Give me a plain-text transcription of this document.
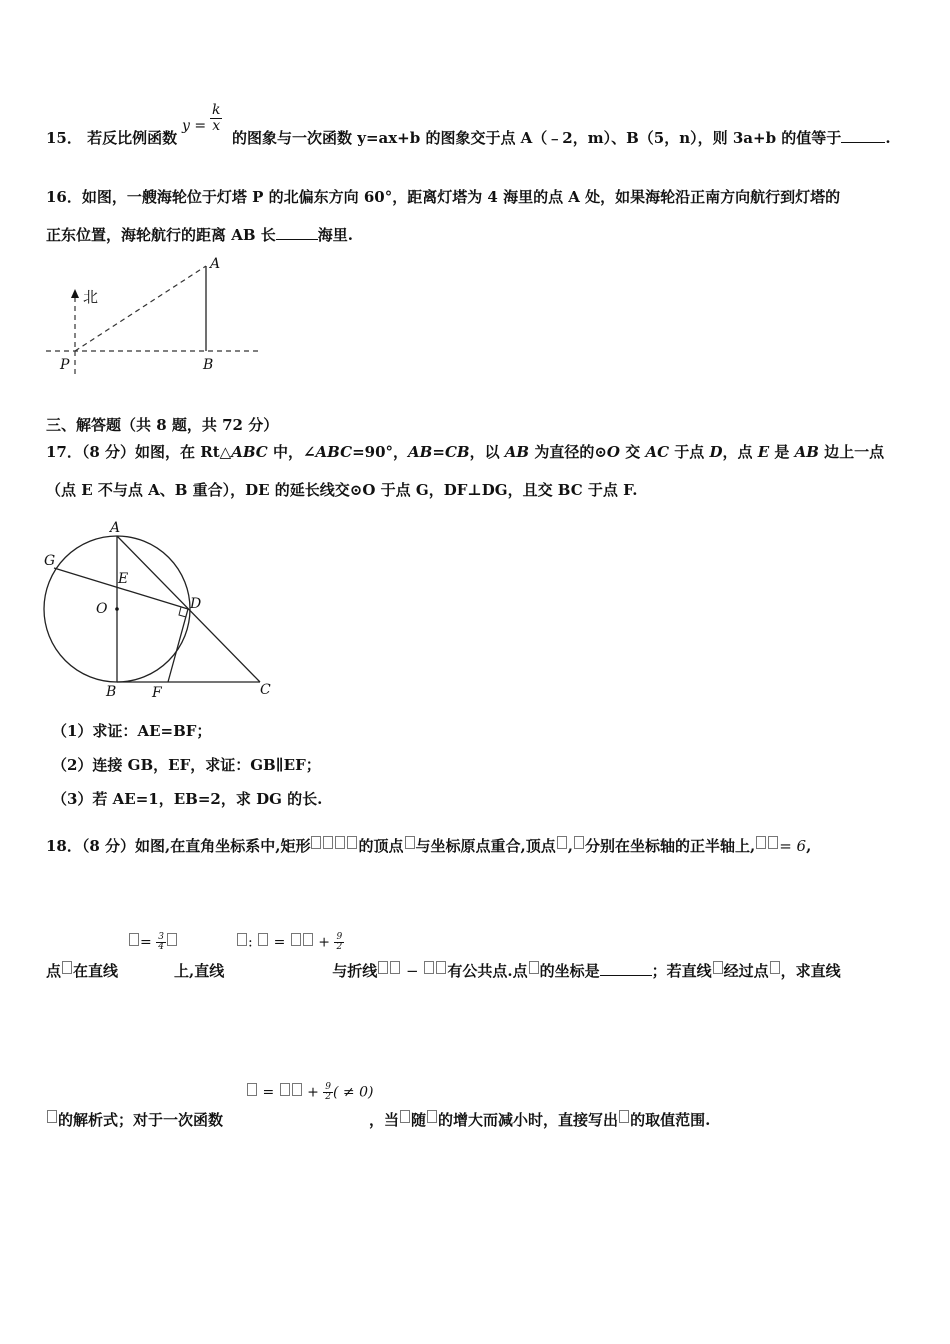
15． 若反比例函数
$y = \frac{k}{x}$
的图象与一次函数 y=ax+b 的图象交于点 A（﹣2，m）、B（5，n），则 3a+b 的值等于	.
16．如图，一艘海轮位于灯塔 P 的北偏东方向 60°，距离灯塔为 4 海里的点 A 处，如果海轮沿正南方向航行到灯塔的
正东位置，海轮航行的距离 AB 长	海里.
北
A
B
P
三、解答题（共 8 题，共 72 分）
17．（8 分）如图，在 Rt△ABC 中，∠ABC=90°，AB=CB，以 AB 为直径的⊙O 交 AC 于点 D，点 E 是 AB 边上一点
（点 E 不与点 A、B 重合），DE 的延长线交⊙O 于点 G，DF⊥DG，且交 BC 于点 F.
A
G
E
O	D
B	F	C
（1）求证：AE=BF；
（2）连接 GB，EF，求证：GB∥EF；
（3）若 AE=1，EB=2，求 DG 的长.
18．（8 分）如图,在直角坐标系中,矩形	的顶点 与坐标原点重合,顶点 , 分别在坐标轴的正半轴上, = 6,
= $\frac{3}{4}$	:  =  + $\frac{9}{2}$
点 在直线	上,直线	与折线 − 有公共点.点 的坐标是	；若直线 经过点 ，求直线
=  + $\frac{9}{2}$ ( ≠ 0)
的解析式；对于一次函数	，当 随 的增大而减小时，直接写出 的取值范围.
